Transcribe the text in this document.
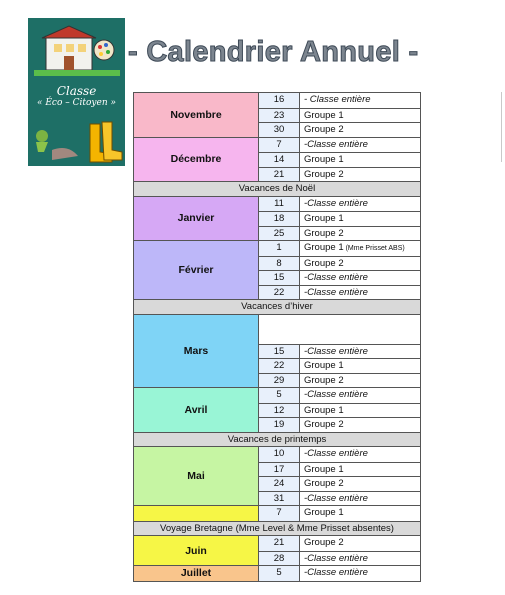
Classe
« Éco – Citoyen »
- Calendrier Annuel -
Novembre
16	- Classe entière
23	Groupe 1
30	Groupe 2
Décembre
7	-Classe entière
14	Groupe 1
21	Groupe 2
Vacances de Noël
Janvier
11	-Classe entière
18	Groupe 1
25	Groupe 2
Février
1	Groupe 1 (Mme Prisset ABS)
8	Groupe 2
15	-Classe entière
22	-Classe entière
Vacances d’hiver
Mars	15	-Classe entière
22	Groupe 1
29	Groupe 2
Avril
5	-Classe entière
12	Groupe 1
19	Groupe 2
Vacances de printemps
Mai
10	-Classe entière
17	Groupe 1
24	Groupe 2
31	-Classe entière
7	Groupe 1
Voyage Bretagne (Mme Level & Mme Prisset absentes)
Juin
21	Groupe 2
28	-Classe entière
Juillet	5	-Classe entière
